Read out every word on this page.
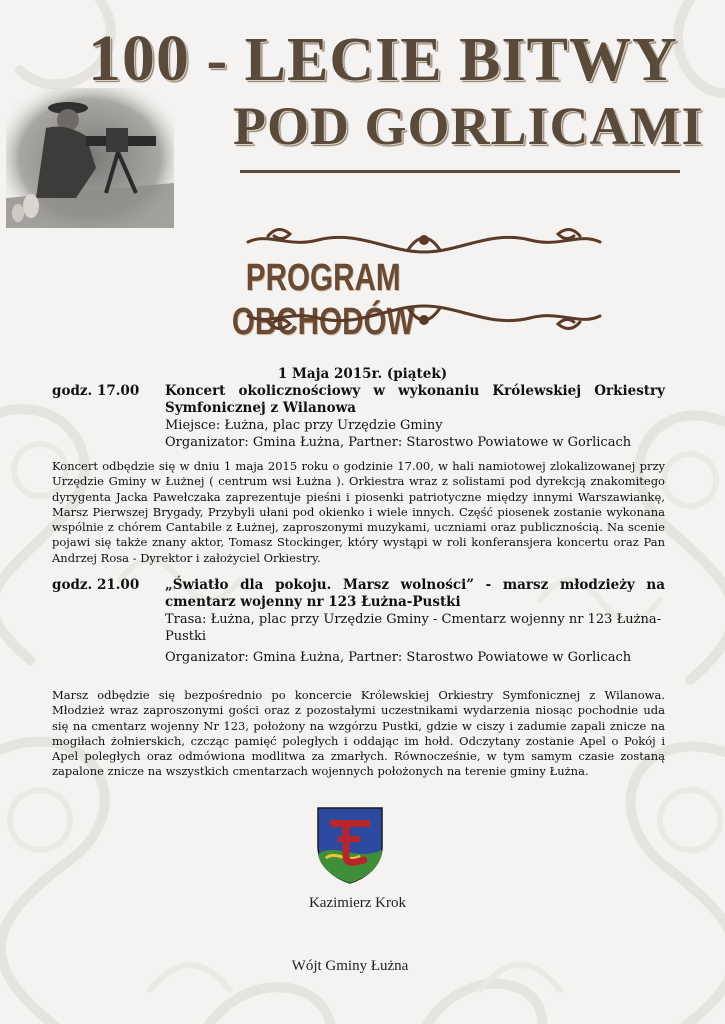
100 - LECIE BITWY
POD GORLICAMI
PROGRAM OBCHODÓW
1 Maja 2015r. (piątek)
godz. 17.00 Koncert okolicznościowy w wykonaniu Królewskiej Orkiestry Symfonicznej z Wilanowa
Miejsce: Łużna, plac przy Urzędzie Gminy
Organizator: Gmina Łużna, Partner: Starostwo Powiatowe w Gorlicach
Koncert odbędzie się w dniu 1 maja 2015 roku o godzinie 17.00, w hali namiotowej zlokalizowanej przy Urzędzie Gminy w Łużnej ( centrum wsi Łużna ). Orkiestra wraz z solistami pod dyrekcją znakomitego dyrygenta Jacka Pawełczaka zaprezentuje pieśni i piosenki patriotyczne między innymi Warszawiankę, Marsz Pierwszej Brygady, Przybyli ułani pod okienko i wiele innych. Część piosenek zostanie wykonana wspólnie z chórem Cantabile z Łużnej, zaproszonymi muzykami, uczniami oraz publicznością. Na scenie pojawi się także znany aktor, Tomasz Stockinger, który wystąpi w roli konferansjera koncertu oraz Pan Andrzej Rosa - Dyrektor i założyciel Orkiestry.
godz. 21.00 „Światło dla pokoju. Marsz wolności” - marsz młodzieży na cmentarz wojenny nr 123 Łużna-Pustki
Trasa: Łużna, plac przy Urzędzie Gminy - Cmentarz wojenny nr 123 Łużna-Pustki
Organizator: Gmina Łużna, Partner: Starostwo Powiatowe w Gorlicach
Marsz odbędzie się bezpośrednio po koncercie Królewskiej Orkiestry Symfonicznej z Wilanowa. Młodzież wraz zaproszonymi gości oraz z pozostałymi uczestnikami wydarzenia niosąc pochodnie uda się na cmentarz wojenny Nr 123, położony na wzgórzu Pustki, gdzie w ciszy i zadumie zapali znicze na mogiłach żołnierskich, czcząc pamięć poległych i oddając im hołd. Odczytany zostanie Apel o Pokój i Apel poległych oraz odmówiona modlitwa za zmarłych. Równocześnie, w tym samym czasie zostaną zapalone znicze na wszystkich cmentarzach wojennych położonych na terenie gminy Łużna.
Kazimierz Krok
Wójt Gminy Łużna
